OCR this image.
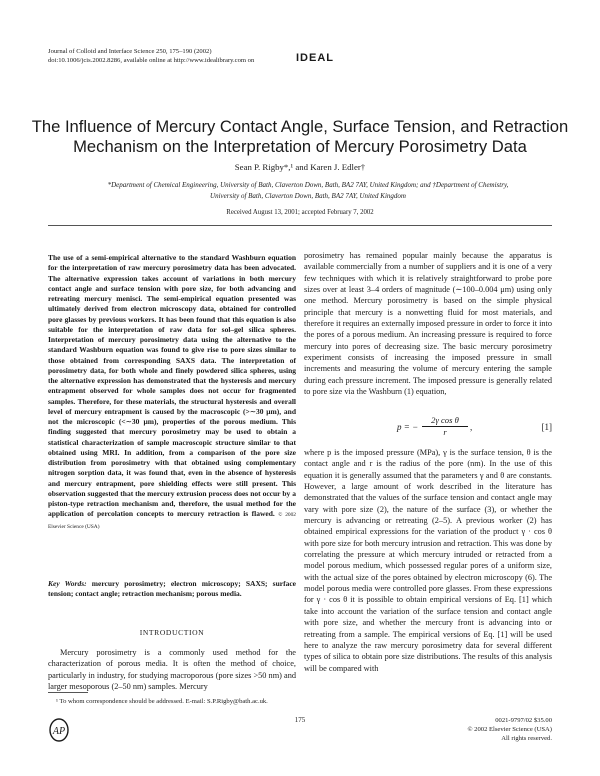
Journal of Colloid and Interface Science 250, 175–190 (2002)
doi:10.1006/jcis.2002.8286, available online at http://www.idealibrary.com on	IDEAL
The Influence of Mercury Contact Angle, Surface Tension, and Retraction
Mechanism on the Interpretation of Mercury Porosimetry Data
Sean P. Rigby*,¹ and Karen J. Edler†
*Department of Chemical Engineering, University of Bath, Claverton Down, Bath, BA2 7AY, United Kingdom; and †Department of Chemistry,
University of Bath, Claverton Down, Bath, BA2 7AY, United Kingdom
Received August 13, 2001; accepted February 7, 2002
The use of a semi-empirical alternative to the standard Washburn equation for the interpretation of raw mercury porosimetry data has been advocated. The alternative expression takes account of variations in both mercury contact angle and surface tension with pore size, for both advancing and retreating mercury menisci. The semi-empirical equation presented was ultimately derived from electron microscopy data, obtained for controlled pore glasses by previous workers. It has been found that this equation is also suitable for the interpretation of raw data for sol–gel silica spheres. Interpretation of mercury porosimetry data using the alternative to the standard Washburn equation was found to give rise to pore sizes similar to those obtained from corresponding SAXS data. The interpretation of porosimetry data, for both whole and finely powdered silica spheres, using the alternative expression has demonstrated that the hysteresis and mercury entrapment observed for whole samples does not occur for fragmented samples. Therefore, for these materials, the structural hysteresis and overall level of mercury entrapment is caused by the macroscopic (>∼30 μm), and not the microscopic (<∼30 μm), properties of the porous medium. This finding suggested that mercury porosimetry may be used to obtain a statistical characterization of sample macroscopic structure similar to that obtained using MRI. In addition, from a comparison of the pore size distribution from porosimetry with that obtained using complementary nitrogen sorption data, it was found that, even in the absence of hysteresis and mercury entrapment, pore shielding effects were still present. This observation suggested that the mercury extrusion process does not occur by a piston-type retraction mechanism and, therefore, the usual method for the application of percolation concepts to mercury retraction is flawed. © 2002 Elsevier Science (USA)
Key Words: mercury porosimetry; electron microscopy; SAXS; surface tension; contact angle; retraction mechanism; porous media.
INTRODUCTION
Mercury porosimetry is a commonly used method for the characterization of porous media. It is often the method of choice, particularly in industry, for studying macroporous (pore sizes >50 nm) and larger mesoporous (2–50 nm) samples. Mercury
¹ To whom correspondence should be addressed. E-mail: S.P.Rigby@bath.ac.uk.
porosimetry has remained popular mainly because the apparatus is available commercially from a number of suppliers and it is one of a very few techniques with which it is relatively straightforward to probe pore sizes over at least 3–4 orders of magnitude (∼100–0.004 μm) using only one method. Mercury porosimetry is based on the simple physical principle that mercury is a nonwetting fluid for most materials, and therefore it requires an externally imposed pressure in order to force it into the pores of a porous medium. An increasing pressure is required to force mercury into pores of decreasing size. The basic mercury porosimetry experiment consists of increasing the imposed pressure in small increments and measuring the volume of mercury entering the sample during each pressure increment. The imposed pressure is generally related to pore size via the Washburn (1) equation,
p = − $\frac{\text{2γ cos θ}}{r}$ ,	[1]
where p is the imposed pressure (MPa), γ is the surface tension, θ is the contact angle and r is the radius of the pore (nm). In the use of this equation it is generally assumed that the parameters γ and θ are constants. However, a large amount of work described in the literature has demonstrated that the values of the surface tension and contact angle may vary with pore size (2), the nature of the surface (3), or whether the mercury is advancing or retreating (2–5). A previous worker (2) has obtained empirical expressions for the variation of the product γ · cos θ with pore size for both mercury intrusion and retraction. This was done by correlating the pressure at which mercury intruded or retracted from a model porous medium, which possessed regular pores of a uniform size, with the actual size of the pores obtained by electron microscopy (6). The model porous media were controlled pore glasses. From these expressions for γ · cos θ it is possible to obtain empirical versions of Eq. [1] which take into account the variation of the surface tension and contact angle with pore size, and whether the mercury front is advancing into or retreating from a sample. The empirical versions of Eq. [1] will be used here to analyze the raw mercury porosimetry data for several different types of silica to obtain pore size distributions. The results of this analysis will be compared with
AP
175	0021-9797/02 $35.00
© 2002 Elsevier Science (USA)
All rights reserved.
